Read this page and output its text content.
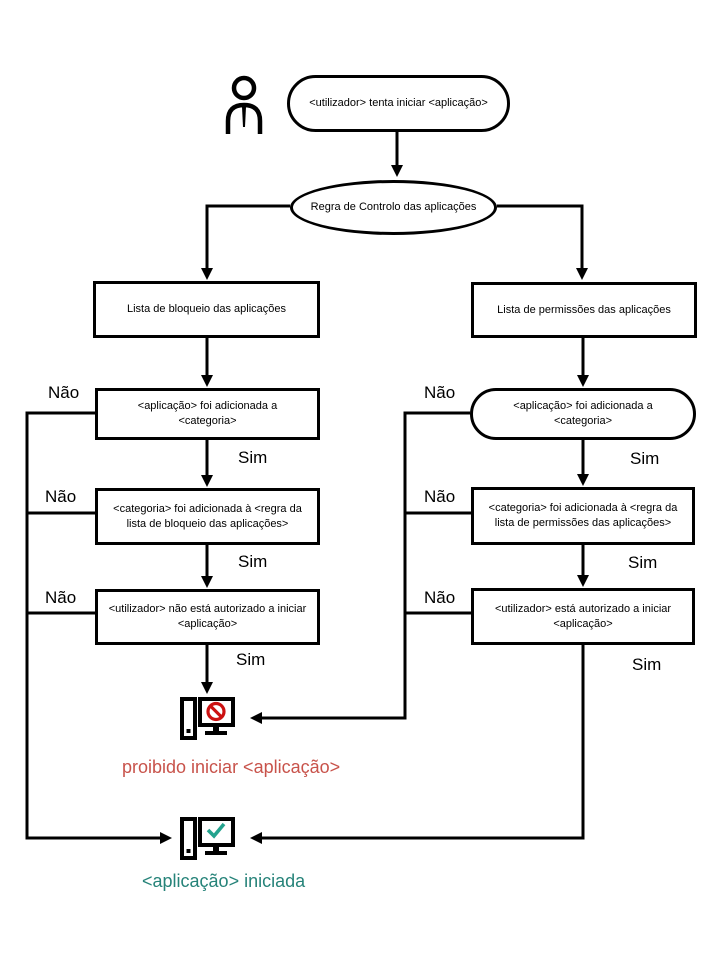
<utilizador> tenta iniciar <aplicação>
Regra de Controlo das aplicações
Lista de bloqueio das aplicações
<aplicação> foi adicionada a <categoria>
<categoria> foi adicionada à <regra da lista de bloqueio das aplicações>
<utilizador> não está autorizado a iniciar <aplicação>
Lista de permissões das aplicações
<aplicação> foi adicionada a <categoria>
<categoria> foi adicionada à <regra da lista de permissões das aplicações>
<utilizador> está autorizado a iniciar <aplicação>
Não
Não
Não
Não
Não
Não
Sim
Sim
Sim
Sim
Sim
Sim
proibido iniciar <aplicação>
<aplicação> iniciada
